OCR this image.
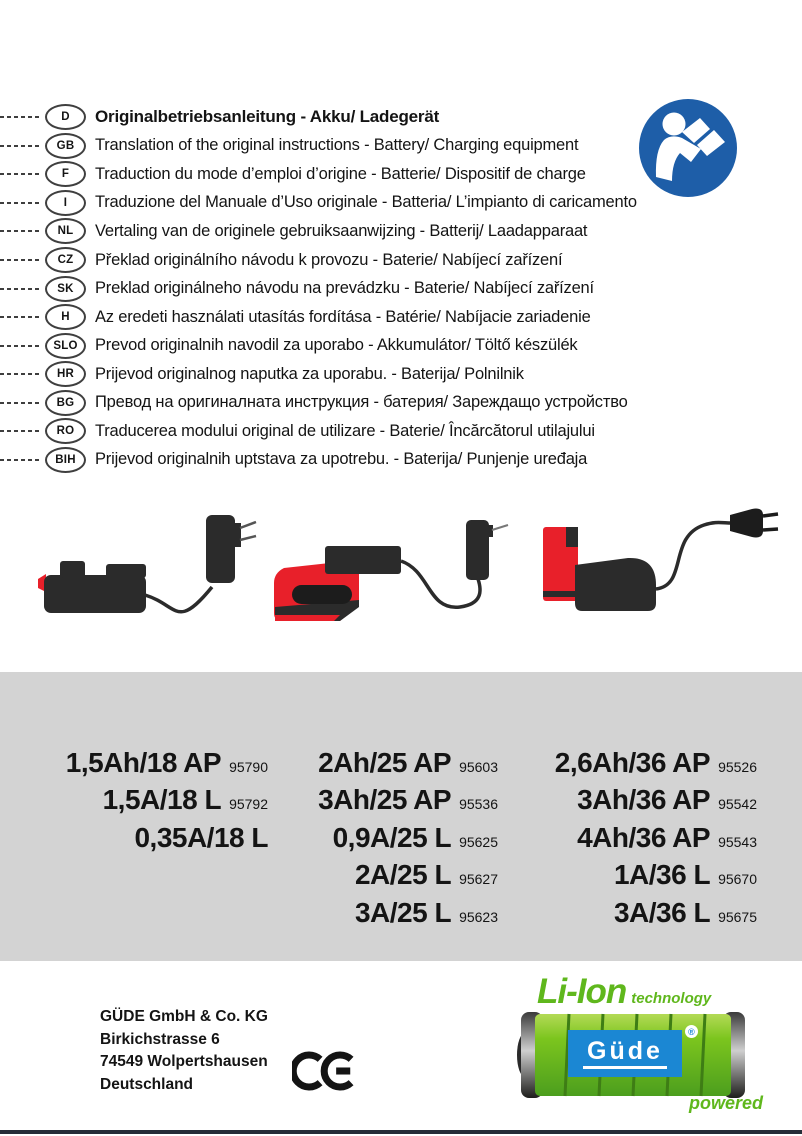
D	Originalbetriebsanleitung - Akku/ Ladegerät
GB	Translation of the original instructions - Battery/ Charging equipment
F	Traduction du mode d’emploi d’origine - Batterie/ Dispositif de charge
I	Traduzione del Manuale d’Uso originale - Batteria/ L’impianto di caricamento
NL	Vertaling van de originele gebruiksaanwijzing - Batterij/ Laadapparaat
CZ	Překlad originálního návodu k provozu - Baterie/ Nabíjecí zařízení
SK	Preklad originálneho návodu na prevádzku - Baterie/ Nabíjecí zařízení
H	Az eredeti használati utasítás fordítása - Batérie/ Nabíjacie zariadenie
SLO	Prevod originalnih navodil za uporabo - Akkumulátor/ Töltő készülék
HR	Prijevod originalnog naputka za uporabu. - Baterija/ Polnilnik
BG	Превод на оригиналната инструкция - батерия/ Зареждащо устройство
RO	Traducerea modului original de utilizare - Baterie/ Încărcătorul utilajului
BIH	Prijevod originalnih uptstava za upotrebu. - Baterija/ Punjenje uređaja
1,5Ah/18 AP 95790
1,5A/18 L 95792
0,35A/18 L
2Ah/25 AP 95603
3Ah/25 AP 95536
0,9A/25 L 95625
2A/25 L 95627
3A/25 L 95623
2,6Ah/36 AP 95526
3Ah/36 AP 95542
4Ah/36 AP 95543
1A/36 L 95670
3A/36 L 95675
GÜDE GmbH & Co. KG
Birkichstrasse 6
74549 Wolpertshausen
Deutschland
Li-Ion technology
Güde
®
powered
